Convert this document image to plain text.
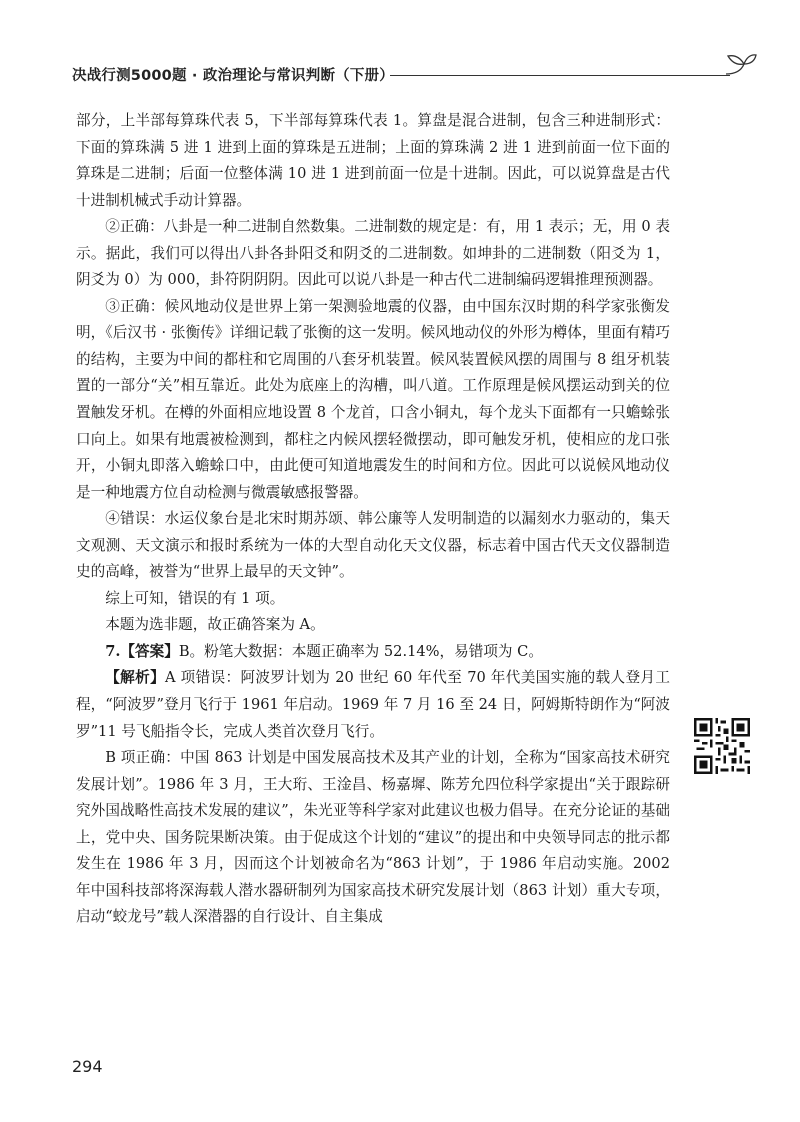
决战行测5000题 · 政治理论与常识判断（下册）

部分，上半部每算珠代表 5，下半部每算珠代表 1。算盘是混合进制，包含三种进制形式：下面的算珠满 5 进 1 进到上面的算珠是五进制；上面的算珠满 2 进 1 进到前面一位下面的算珠是二进制；后面一位整体满 10 进 1 进到前面一位是十进制。因此，可以说算盘是古代十进制机械式手动计算器。

②正确：八卦是一种二进制自然数集。二进制数的规定是：有，用 1 表示；无，用 0 表示。据此，我们可以得出八卦各卦阳爻和阴爻的二进制数。如坤卦的二进制数（阳爻为 1，阴爻为 0）为 000，卦符阴阴阴。因此可以说八卦是一种古代二进制编码逻辑推理预测器。

③正确：候风地动仪是世界上第一架测验地震的仪器，由中国东汉时期的科学家张衡发明，《后汉书 · 张衡传》详细记载了张衡的这一发明。候风地动仪的外形为樽体，里面有精巧的结构，主要为中间的都柱和它周围的八套牙机装置。候风装置候风摆的周围与 8 组牙机装置的一部分“关”相互靠近。此处为底座上的沟槽，叫八道。工作原理是候风摆运动到关的位置触发牙机。在樽的外面相应地设置 8 个龙首，口含小铜丸，每个龙头下面都有一只蟾蜍张口向上。如果有地震被检测到，都柱之内候风摆轻微摆动，即可触发牙机，使相应的龙口张开，小铜丸即落入蟾蜍口中，由此便可知道地震发生的时间和方位。因此可以说候风地动仪是一种地震方位自动检测与微震敏感报警器。

④错误：水运仪象台是北宋时期苏颂、韩公廉等人发明制造的以漏刻水力驱动的，集天文观测、天文演示和报时系统为一体的大型自动化天文仪器，标志着中国古代天文仪器制造史的高峰，被誉为“世界上最早的天文钟”。

综上可知，错误的有 1 项。

本题为选非题，故正确答案为 A。

7.【答案】B。粉笔大数据：本题正确率为 52.14%，易错项为 C。

【解析】A 项错误：阿波罗计划为 20 世纪 60 年代至 70 年代美国实施的载人登月工程，“阿波罗”登月飞行于 1961 年启动。1969 年 7 月 16 至 24 日，阿姆斯特朗作为“阿波罗”11 号飞船指令长，完成人类首次登月飞行。

B 项正确：中国 863 计划是中国发展高技术及其产业的计划，全称为“国家高技术研究发展计划”。1986 年 3 月，王大珩、王淦昌、杨嘉墀、陈芳允四位科学家提出“关于跟踪研究外国战略性高技术发展的建议”，朱光亚等科学家对此建议也极力倡导。在充分论证的基础上，党中央、国务院果断决策。由于促成这个计划的“建议”的提出和中央领导同志的批示都发生在 1986 年 3 月，因而这个计划被命名为“863 计划”，于 1986 年启动实施。2002 年中国科技部将深海载人潜水器研制列为国家高技术研究发展计划（863 计划）重大专项，启动“蛟龙号”载人深潜器的自行设计、自主集成

294
